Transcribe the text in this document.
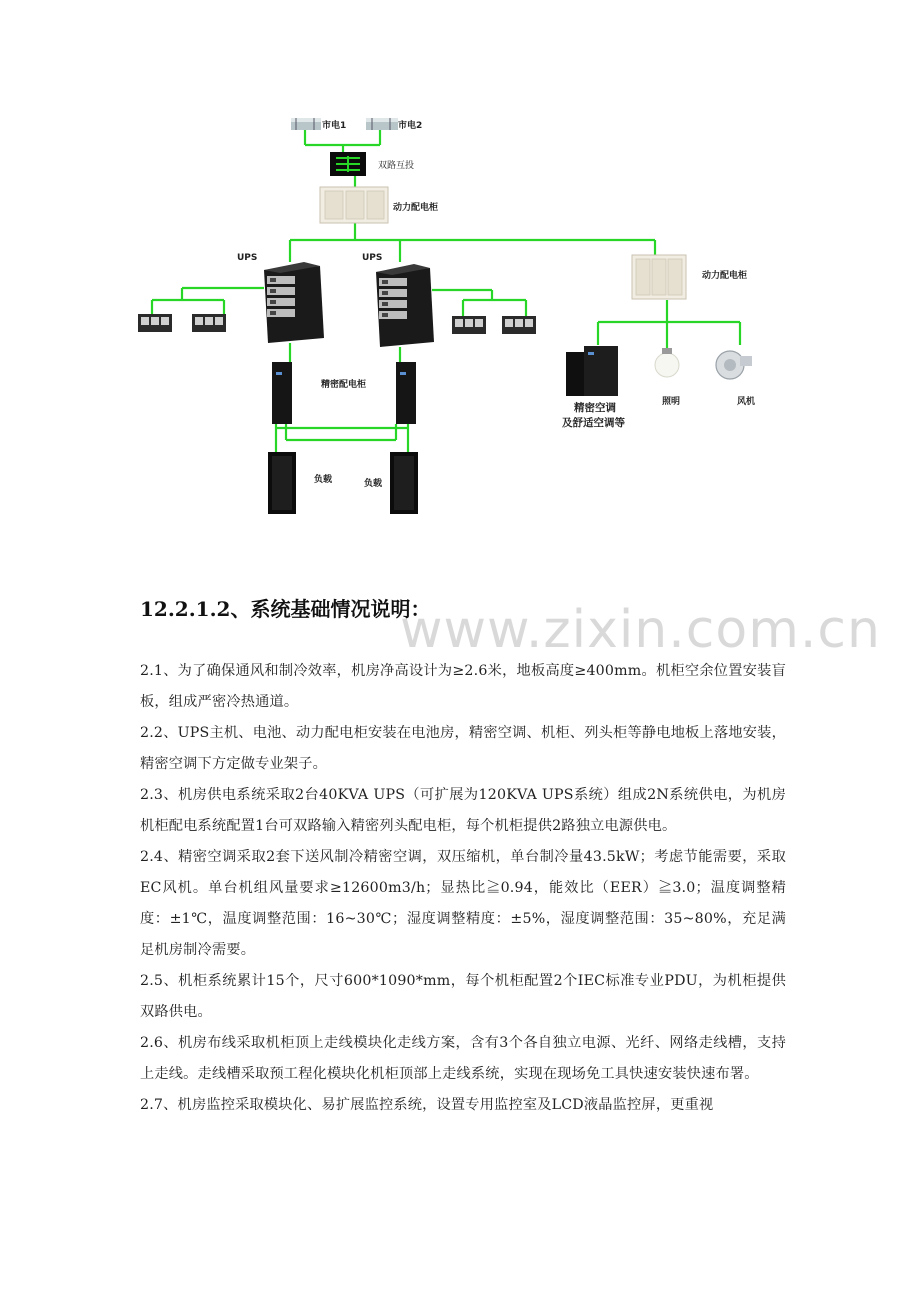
市电1	市电2
双路互投
动力配电柜
UPS	UPS
动力配电柜
精密空调
及舒适空调等
照明	风机
精密配电柜
负载	负载
12.2.1.2、系统基础情况说明：
www.zixin.com.cn

2.1、为了确保通风和制冷效率，机房净高设计为≥2.6米，地板高度≥400mm。机柜空余位置安装盲板，组成严密冷热通道。

2.2、UPS主机、电池、动力配电柜安装在电池房，精密空调、机柜、列头柜等静电地板上落地安装，精密空调下方定做专业架子。

2.3、机房供电系统采取2台40KVA UPS（可扩展为120KVA UPS系统）组成2N系统供电，为机房机柜配电系统配置1台可双路输入精密列头配电柜，每个机柜提供2路独立电源供电。

2.4、精密空调采取2套下送风制冷精密空调，双压缩机，单台制冷量43.5kW；考虑节能需要，采取EC风机。单台机组风量要求≥12600m3/h；显热比≧0.94，能效比（EER）≧3.0；温度调整精度：±1℃，温度调整范围：16~30℃；湿度调整精度：±5%，湿度调整范围：35~80%，充足满足机房制冷需要。

2.5、机柜系统累计15个，尺寸600*1090*mm，每个机柜配置2个IEC标准专业PDU，为机柜提供双路供电。

2.6、机房布线采取机柜顶上走线模块化走线方案，含有3个各自独立电源、光纤、网络走线槽，支持上走线。走线槽采取预工程化模块化机柜顶部上走线系统，实现在现场免工具快速安装快速布署。

2.7、机房监控采取模块化、易扩展监控系统，设置专用监控室及LCD液晶监控屏，更重视
